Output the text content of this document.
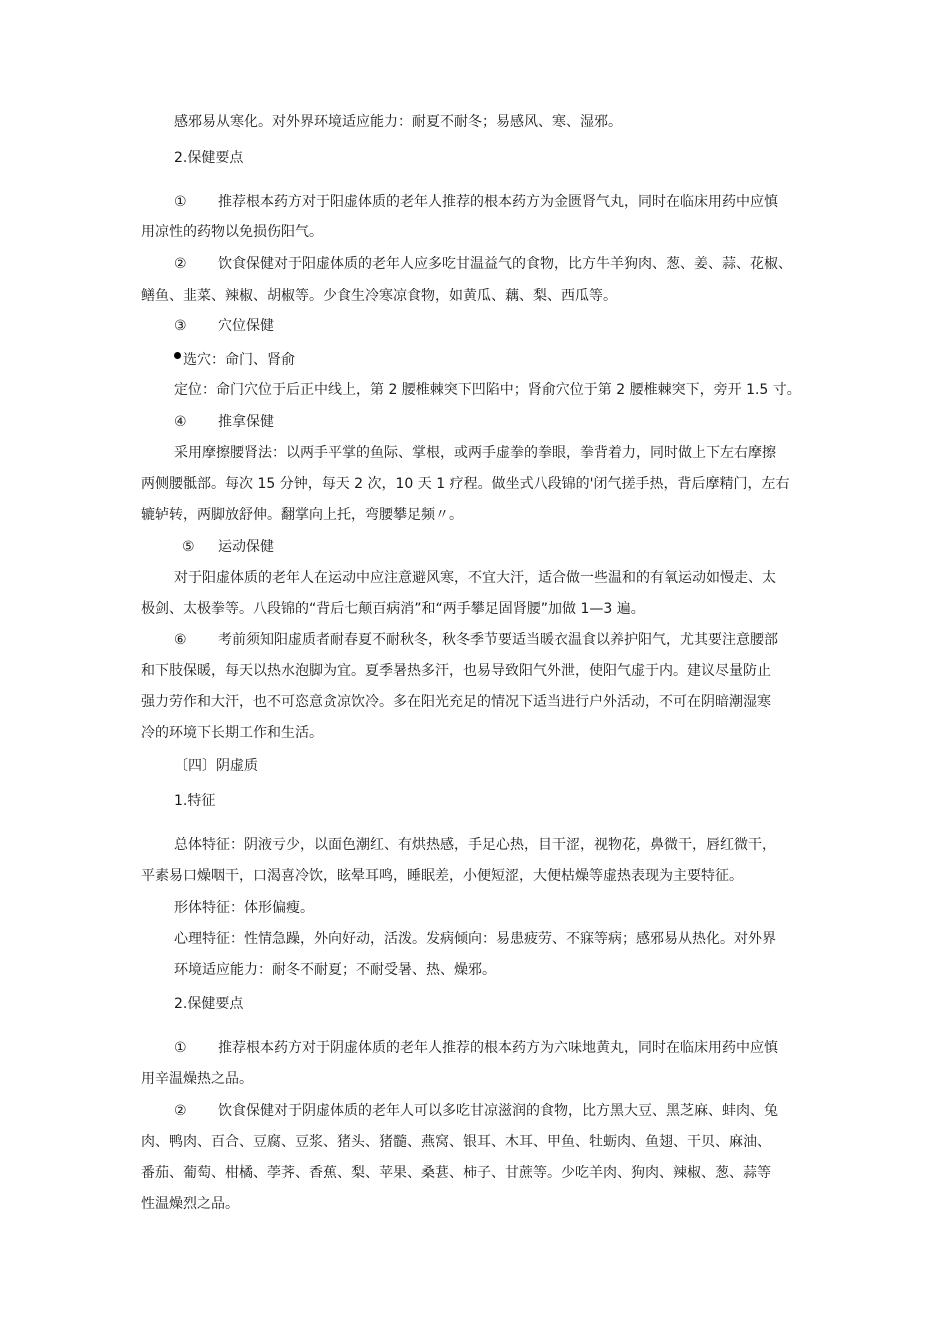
感邪易从寒化。对外界环境适应能力：耐夏不耐冬；易感风、寒、湿邪。
2.保健要点
① 推荐根本药方对于阳虚体质的老年人推荐的根本药方为金匮肾气丸，同时在临床用药中应慎
用凉性的药物以免损伤阳气。
② 饮食保健对于阳虚体质的老年人应多吃甘温益气的食物，比方牛羊狗肉、葱、姜、蒜、花椒、
鳝鱼、韭菜、辣椒、胡椒等。少食生冷寒凉食物，如黄瓜、藕、梨、西瓜等。
③ 穴位保健
选穴：命门、肾俞
定位：命门穴位于后正中线上，第 2 腰椎棘突下凹陷中；肾俞穴位于第 2 腰椎棘突下，旁开 1.5 寸。
④ 推拿保健
采用摩擦腰肾法：以两手平掌的鱼际、掌根，或两手虚拳的拳眼，拳背着力，同时做上下左右摩擦
两侧腰骶部。每次 15 分钟，每天 2 次，10 天 1 疗程。做坐式八段锦的'闭气搓手热，背后摩精门，左右
辘轳转，两脚放舒伸。翻掌向上托，弯腰攀足频〃。
⑤ 运动保健
对于阳虚体质的老年人在运动中应注意避风寒，不宜大汗，适合做一些温和的有氧运动如慢走、太
极剑、太极拳等。八段锦的“背后七颠百病消”和“两手攀足固肾腰”加做 1—3 遍。
⑥ 考前须知阳虚质者耐春夏不耐秋冬，秋冬季节要适当暖衣温食以养护阳气，尤其要注意腰部
和下肢保暖，每天以热水泡脚为宜。夏季暑热多汗，也易导致阳气外泄，使阳气虚于内。建议尽量防止
强力劳作和大汗，也不可恣意贪凉饮冷。多在阳光充足的情况下适当进行户外活动，不可在阴暗潮湿寒
冷的环境下长期工作和生活。
〔四〕阴虚质
1.特征
总体特征：阴液亏少，以面色潮红、有烘热感，手足心热，目干涩，视物花，鼻微干，唇红微干，
平素易口燥咽干，口渴喜冷饮，眩晕耳鸣，睡眠差，小便短涩，大便枯燥等虚热表现为主要特征。
形体特征：体形偏瘦。
心理特征：性情急躁，外向好动，活泼。发病倾向：易患疲劳、不寐等病；感邪易从热化。对外界
环境适应能力：耐冬不耐夏；不耐受暑、热、燥邪。
2.保健要点
① 推荐根本药方对于阴虚体质的老年人推荐的根本药方为六味地黄丸，同时在临床用药中应慎
用辛温燥热之品。
② 饮食保健对于阴虚体质的老年人可以多吃甘凉滋润的食物，比方黑大豆、黑芝麻、蚌肉、兔
肉、鸭肉、百合、豆腐、豆浆、猪头、猪髓、燕窝、银耳、木耳、甲鱼、牡蛎肉、鱼翅、干贝、麻油、
番茄、葡萄、柑橘、荸荠、香蕉、梨、苹果、桑葚、柿子、甘蔗等。少吃羊肉、狗肉、辣椒、葱、蒜等
性温燥烈之品。
